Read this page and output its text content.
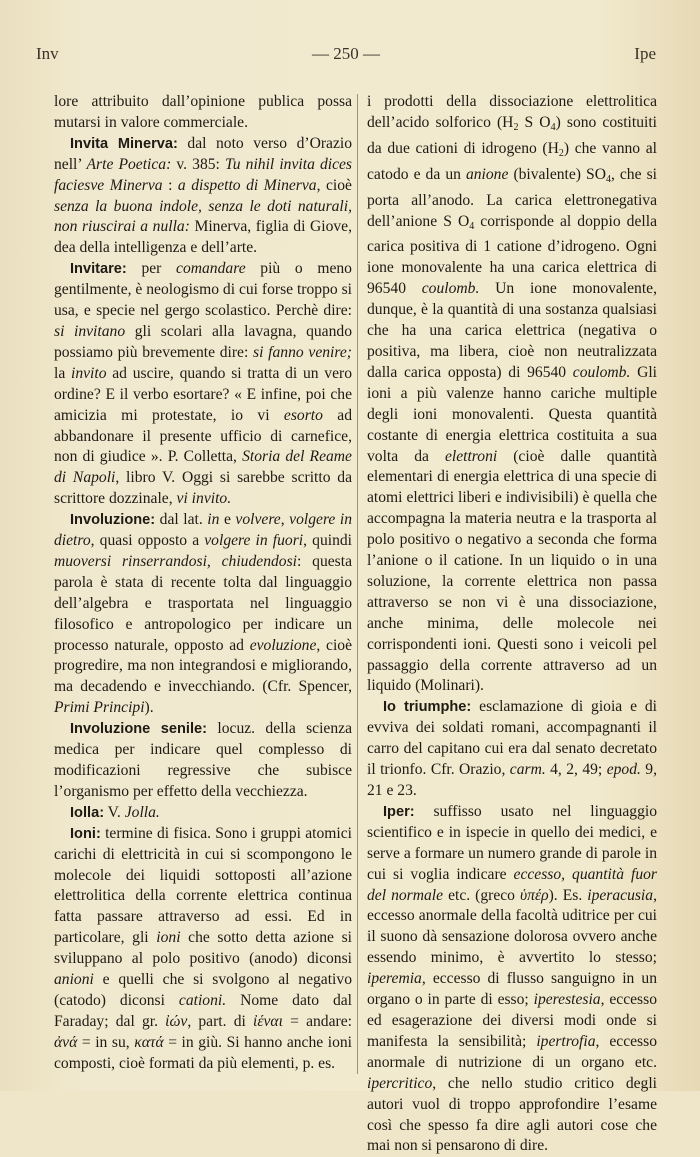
Inv	— 250 —	Ipe

lore attribuito dall’opinione publica possa mutarsi in valore commerciale.

Invita Minerva: dal noto verso d’Orazio nell’ Arte Poetica: v. 385: Tu nihil invita dices faciesve Minerva : a dispetto di Minerva, cioè senza la buona indole, senza le doti naturali, non riuscirai a nulla: Minerva, figlia di Giove, dea della intelligenza e dell’arte.

Invitare: per comandare più o meno gentilmente, è neologismo di cui forse troppo si usa, e specie nel gergo scolastico. Perchè dire: si invitano gli scolari alla lavagna, quando possiamo più brevemente dire: si fanno venire; la invito ad uscire, quando si tratta di un vero ordine? E il verbo esortare? « E infine, poi che amicizia mi protestate, io vi esorto ad abbandonare il presente ufficio di carnefice, non di giudice ». P. Colletta, Storia del Reame di Napoli, libro V. Oggi si sarebbe scritto da scrittore dozzinale, vi invito.

Involuzione: dal lat. in e volvere, volgere in dietro, quasi opposto a volgere in fuori, quindi muoversi rinserrandosi, chiudendosi: questa parola è stata di recente tolta dal linguaggio dell’algebra e trasportata nel linguaggio filosofico e antropologico per indicare un processo naturale, opposto ad evoluzione, cioè progredire, ma non integrandosi e migliorando, ma decadendo e invecchiando. (Cfr. Spencer, Primi Principi).

Involuzione senile: locuz. della scienza medica per indicare quel complesso di modificazioni regressive che subisce l’organismo per effetto della vecchiezza.

Iolla: V. Jolla.

Ioni: termine di fisica. Sono i gruppi atomici carichi di elettricità in cui si scompongono le molecole dei liquidi sottoposti all’azione elettrolitica della corrente elettrica continua fatta passare attraverso ad essi. Ed in particolare, gli ioni che sotto detta azione si sviluppano al polo positivo (anodo) diconsi anioni e quelli che si svolgono al negativo (catodo) diconsi cationi. Nome dato dal Faraday; dal gr. ἰών, part. di ἰέναι = andare: ἀνά = in su, κατά = in giù. Si hanno anche ioni composti, cioè formati da più elementi, p. es.

i prodotti della dissociazione elettrolitica dell’acido solforico ($H_2$ S $O_4$) sono costituiti da due cationi di idrogeno $(H_2)$ che vanno al catodo e da un anione (bivalente) $SO_4$, che si porta all’anodo. La carica elettronegativa dell’anione S $O_4$ corrisponde al doppio della carica positiva di 1 catione d’idrogeno. Ogni ione monovalente ha una carica elettrica di 96540 coulomb. Un ione monovalente, dunque, è la quantità di una sostanza qualsiasi che ha una carica elettrica (negativa o positiva, ma libera, cioè non neutralizzata dalla carica opposta) di 96540 coulomb. Gli ioni a più valenze hanno cariche multiple degli ioni monovalenti. Questa quantità costante di energia elettrica costituita a sua volta da elettroni (cioè dalle quantità elementari di energia elettrica di una specie di atomi elettrici liberi e indivisibili) è quella che accompagna la materia neutra e la trasporta al polo positivo o negativo a seconda che forma l’anione o il catione. In un liquido o in una soluzione, la corrente elettrica non passa attraverso se non vi è una dissociazione, anche minima, delle molecole nei corrispondenti ioni. Questi sono i veicoli pel passaggio della corrente attraverso ad un liquido (Molinari).

Io triumphe: esclamazione di gioia e di evviva dei soldati romani, accompagnanti il carro del capitano cui era dal senato decretato il trionfo. Cfr. Orazio, carm. 4, 2, 49; epod. 9, 21 e 23.

Iper: suffisso usato nel linguaggio scientifico e in ispecie in quello dei medici, e serve a formare un numero grande di parole in cui si voglia indicare eccesso, quantità fuor del normale etc. (greco ὑπέρ). Es. iperacusia, eccesso anormale della facoltà uditrice per cui il suono dà sensazione dolorosa ovvero anche essendo minimo, è avvertito lo stesso; iperemia, eccesso di flusso sanguigno in un organo o in parte di esso; iperestesia, eccesso ed esagerazione dei diversi modi onde si manifesta la sensibilità; ipertrofia, eccesso anormale di nutrizione di un organo etc. ipercritico, che nello studio critico degli autori vuol di troppo approfondire l’esame così che spesso fa dire agli autori cose che mai non si pensarono di dire.
